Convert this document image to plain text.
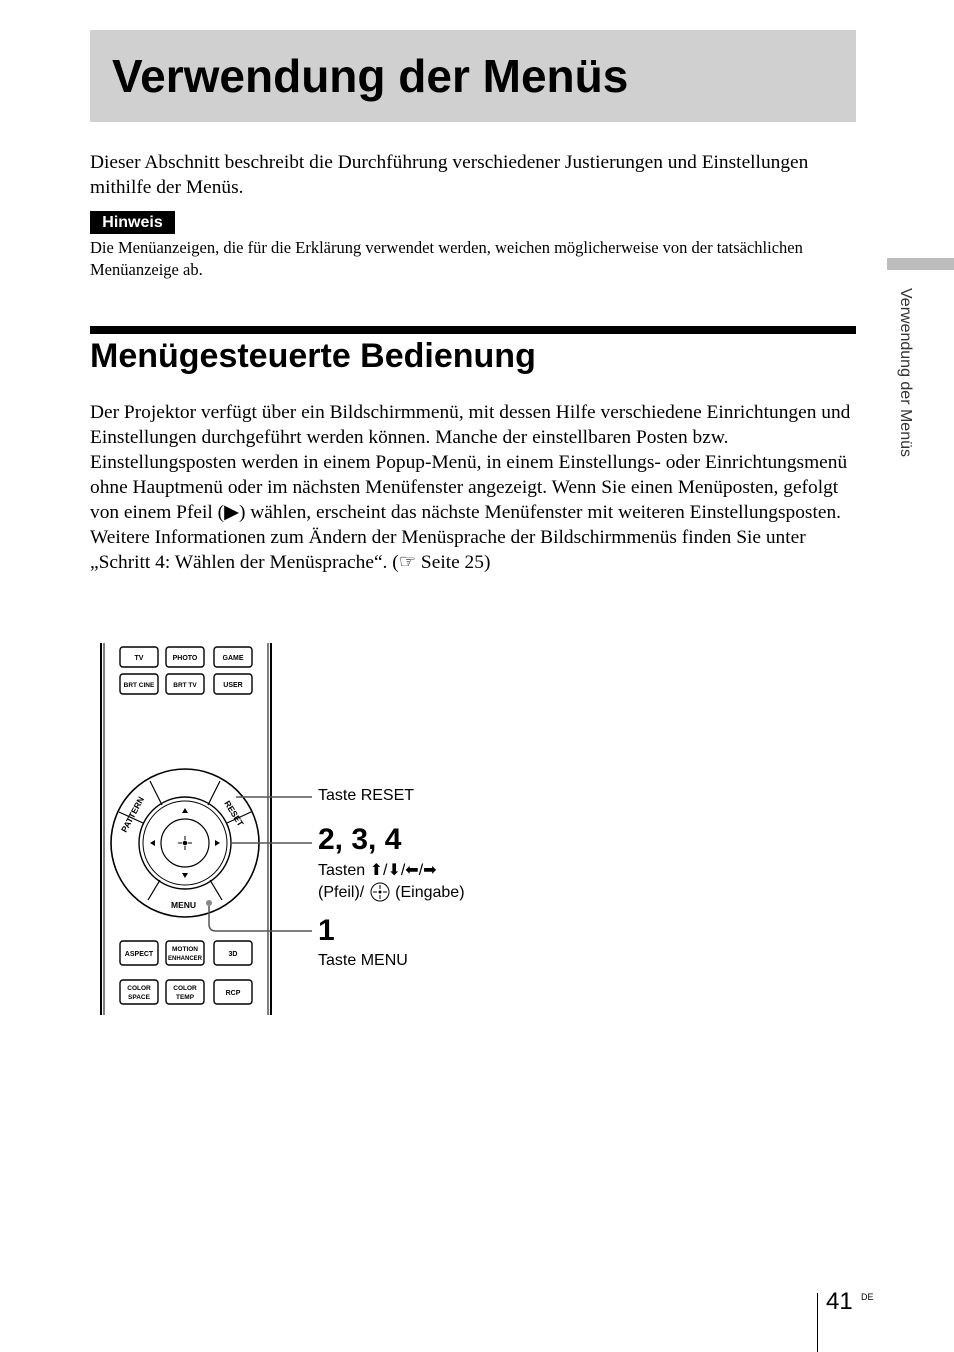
Verwendung der Menüs
Dieser Abschnitt beschreibt die Durchführung verschiedener Justierungen und Einstellungen mithilfe der Menüs.
Hinweis
Die Menüanzeigen, die für die Erklärung verwendet werden, weichen möglicherweise von der tatsächlichen Menüanzeige ab.
Menügesteuerte Bedienung

Der Projektor verfügt über ein Bildschirmmenü, mit dessen Hilfe verschiedene Einrichtungen und Einstellungen durchgeführt werden können. Manche der einstellbaren Posten bzw. Einstellungsposten werden in einem Popup-Menü, in einem Einstellungs- oder Einrichtungsmenü ohne Hauptmenü oder im nächsten Menüfenster angezeigt. Wenn Sie einen Menüposten, gefolgt von einem Pfeil (▶) wählen, erscheint das nächste Menüfenster mit weiteren Einstellungsposten.

Weitere Informationen zum Ändern der Menüsprache der Bildschirmmenüs finden Sie unter „Schritt 4: Wählen der Menüsprache“. (☞ Seite 25)

Verwendung der Menüs
TV	PHOTO	GAME
BRT CINE	BRT TV	USER
PATTERN	RESET
MENU
ASPECT
MOTION
ENHANCER
3D
COLOR
SPACE
COLOR
TEMP
RCP
Taste RESET
2, 3, 4
Tasten ⬆/⬇/⬅/➡
(Pfeil)/ (Eingabe)
1
Taste MENU
41 DE
